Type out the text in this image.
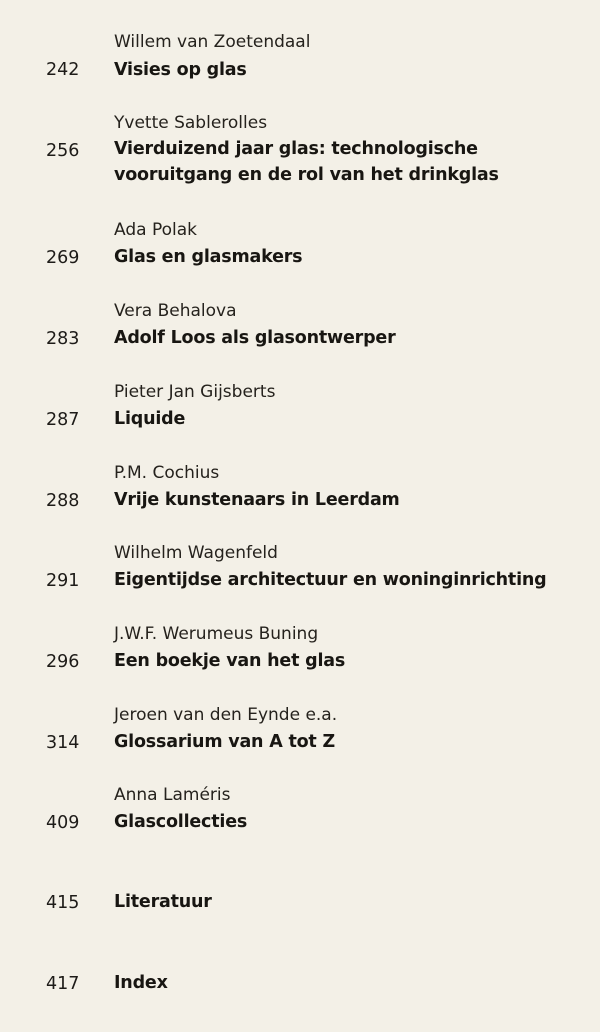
Willem van Zoetendaal
242 Visies op glas
Yvette Sablerolles
256 Vierduizend jaar glas: technologische vooruitgang en de rol van het drinkglas
Ada Polak
269 Glas en glasmakers
Vera Behalova
283 Adolf Loos als glasontwerper
Pieter Jan Gijsberts
287 Liquide
P.M. Cochius
288 Vrije kunstenaars in Leerdam
Wilhelm Wagenfeld
291 Eigentijdse architectuur en woninginrichting
J.W.F. Werumeus Buning
296 Een boekje van het glas
Jeroen van den Eynde e.a.
314 Glossarium van A tot Z
Anna Laméris
409 Glascollecties
415 Literatuur
417 Index
